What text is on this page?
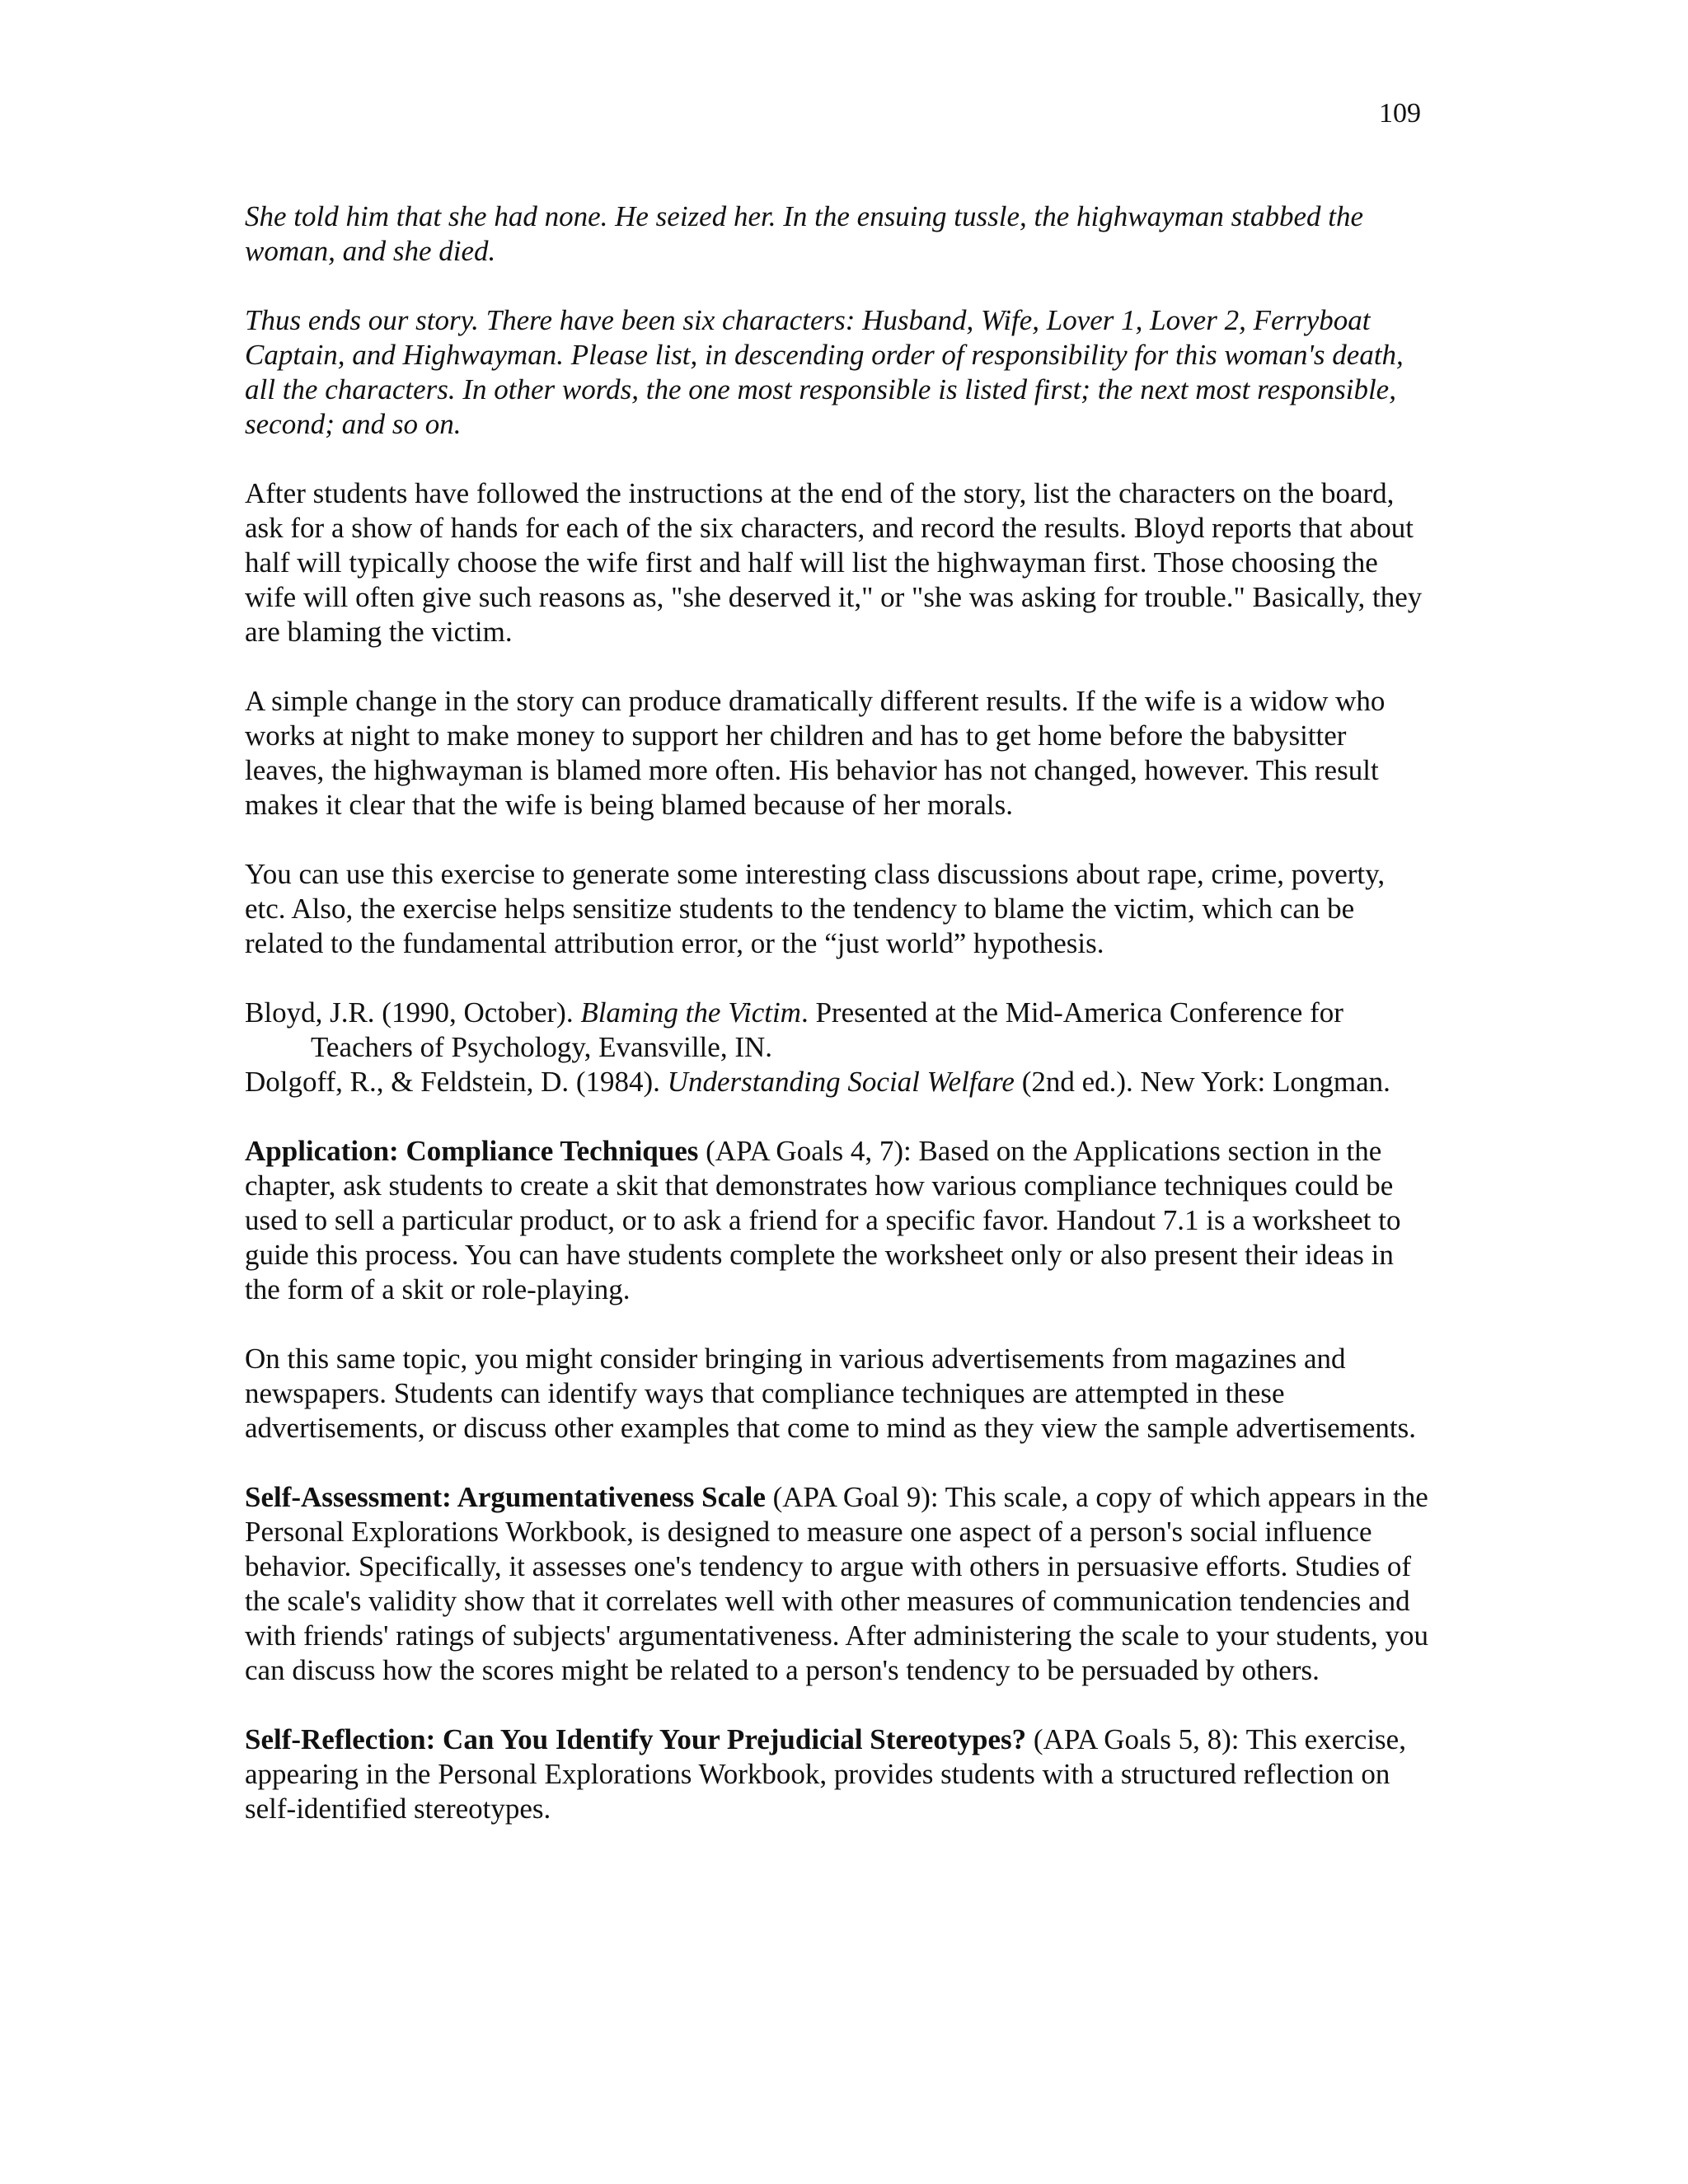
109

She told him that she had none. He seized her. In the ensuing tussle, the highwayman stabbed the woman, and she died.

Thus ends our story. There have been six characters: Husband, Wife, Lover 1, Lover 2, Ferryboat Captain, and Highwayman. Please list, in descending order of responsibility for this woman's death, all the characters. In other words, the one most responsible is listed first; the next most responsible, second; and so on.

After students have followed the instructions at the end of the story, list the characters on the board, ask for a show of hands for each of the six characters, and record the results. Bloyd reports that about half will typically choose the wife first and half will list the highwayman first. Those choosing the wife will often give such reasons as, "she deserved it," or "she was asking for trouble." Basically, they are blaming the victim.

A simple change in the story can produce dramatically different results. If the wife is a widow who works at night to make money to support her children and has to get home before the babysitter leaves, the highwayman is blamed more often. His behavior has not changed, however. This result makes it clear that the wife is being blamed because of her morals.

You can use this exercise to generate some interesting class discussions about rape, crime, poverty, etc. Also, the exercise helps sensitize students to the tendency to blame the victim, which can be related to the fundamental attribution error, or the “just world” hypothesis.

Bloyd, J.R. (1990, October). Blaming the Victim. Presented at the Mid-America Conference for Teachers of Psychology, Evansville, IN.
Dolgoff, R., & Feldstein, D. (1984). Understanding Social Welfare (2nd ed.). New York: Longman.

Application: Compliance Techniques (APA Goals 4, 7): Based on the Applications section in the chapter, ask students to create a skit that demonstrates how various compliance techniques could be used to sell a particular product, or to ask a friend for a specific favor. Handout 7.1 is a worksheet to guide this process. You can have students complete the worksheet only or also present their ideas in the form of a skit or role-playing.

On this same topic, you might consider bringing in various advertisements from magazines and newspapers. Students can identify ways that compliance techniques are attempted in these advertisements, or discuss other examples that come to mind as they view the sample advertisements.

Self-Assessment: Argumentativeness Scale (APA Goal 9): This scale, a copy of which appears in the Personal Explorations Workbook, is designed to measure one aspect of a person's social influence behavior. Specifically, it assesses one's tendency to argue with others in persuasive efforts. Studies of the scale's validity show that it correlates well with other measures of communication tendencies and with friends' ratings of subjects' argumentativeness. After administering the scale to your students, you can discuss how the scores might be related to a person's tendency to be persuaded by others.

Self-Reflection: Can You Identify Your Prejudicial Stereotypes? (APA Goals 5, 8): This exercise, appearing in the Personal Explorations Workbook, provides students with a structured reflection on self-identified stereotypes.
